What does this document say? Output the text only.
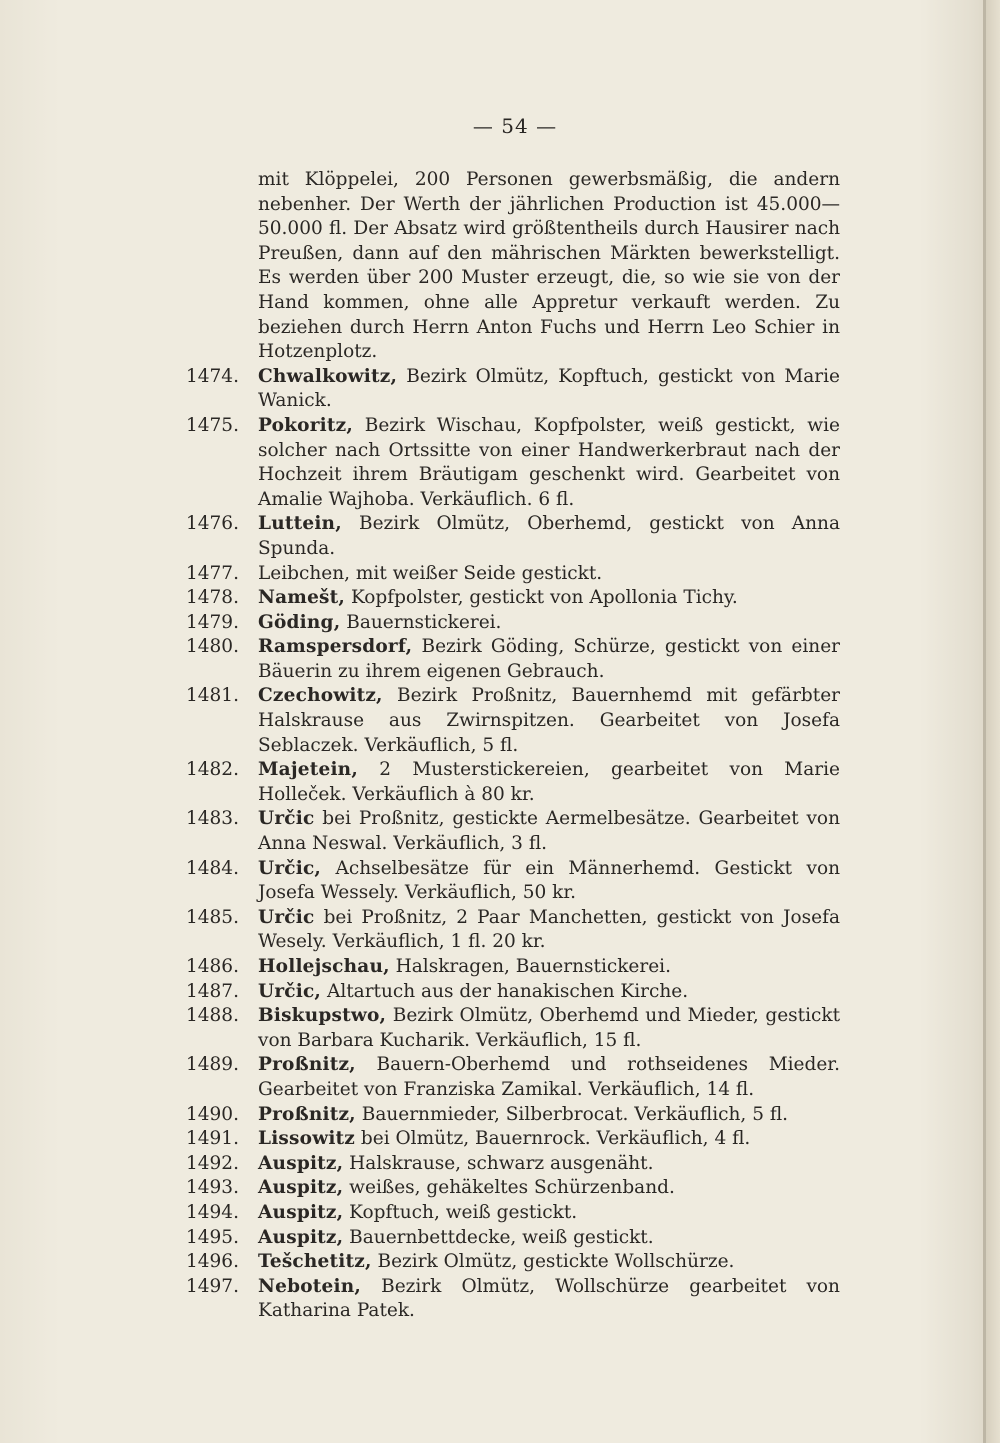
— 54 —
mit Klöppelei, 200 Personen gewerbsmäßig, die andern nebenher. Der Werth der jährlichen Production ist 45.000—50.000 fl. Der Absatz wird größtentheils durch Hausirer nach Preußen, dann auf den mährischen Märkten bewerkstelligt. Es werden über 200 Muster erzeugt, die, so wie sie von der Hand kommen, ohne alle Appretur verkauft werden. Zu beziehen durch Herrn Anton Fuchs und Herrn Leo Schier in Hotzenplotz.
1474.	Chwalkowitz, Bezirk Olmütz, Kopftuch, gestickt von Marie Wanick.
1475.	Pokoritz, Bezirk Wischau, Kopfpolster, weiß gestickt, wie solcher nach Ortssitte von einer Handwerkerbraut nach der Hochzeit ihrem Bräutigam geschenkt wird. Gearbeitet von Amalie Wajhoba. Verkäuflich. 6 fl.
1476.	Luttein, Bezirk Olmütz, Oberhemd, gestickt von Anna Spunda.
1477.	Leibchen, mit weißer Seide gestickt.
1478.	Namešt, Kopfpolster, gestickt von Apollonia Tichy.
1479.	Göding, Bauernstickerei.
1480.	Ramspersdorf, Bezirk Göding, Schürze, gestickt von einer Bäuerin zu ihrem eigenen Gebrauch.
1481.	Czechowitz, Bezirk Proßnitz, Bauernhemd mit gefärbter Halskrause aus Zwirnspitzen. Gearbeitet von Josefa Seblaczek. Verkäuflich, 5 fl.
1482.	Majetein, 2 Musterstickereien, gearbeitet von Marie Holleček. Verkäuflich à 80 kr.
1483.	Určic bei Proßnitz, gestickte Aermelbesätze. Gearbeitet von Anna Neswal. Verkäuflich, 3 fl.
1484.	Určic, Achselbesätze für ein Männerhemd. Gestickt von Josefa Wessely. Verkäuflich, 50 kr.
1485.	Určic bei Proßnitz, 2 Paar Manchetten, gestickt von Josefa Wesely. Verkäuflich, 1 fl. 20 kr.
1486.	Hollejschau, Halskragen, Bauernstickerei.
1487.	Určic, Altartuch aus der hanakischen Kirche.
1488.	Biskupstwo, Bezirk Olmütz, Oberhemd und Mieder, gestickt von Barbara Kucharik. Verkäuflich, 15 fl.
1489.	Proßnitz, Bauern-Oberhemd und rothseidenes Mieder. Gearbeitet von Franziska Zamikal. Verkäuflich, 14 fl.
1490.	Proßnitz, Bauernmieder, Silberbrocat. Verkäuflich, 5 fl.
1491.	Lissowitz bei Olmütz, Bauernrock. Verkäuflich, 4 fl.
1492.	Auspitz, Halskrause, schwarz ausgenäht.
1493.	Auspitz, weißes, gehäkeltes Schürzenband.
1494.	Auspitz, Kopftuch, weiß gestickt.
1495.	Auspitz, Bauernbettdecke, weiß gestickt.
1496.	Tešchetitz, Bezirk Olmütz, gestickte Wollschürze.
1497.	Nebotein, Bezirk Olmütz, Wollschürze gearbeitet von Katharina Patek.
